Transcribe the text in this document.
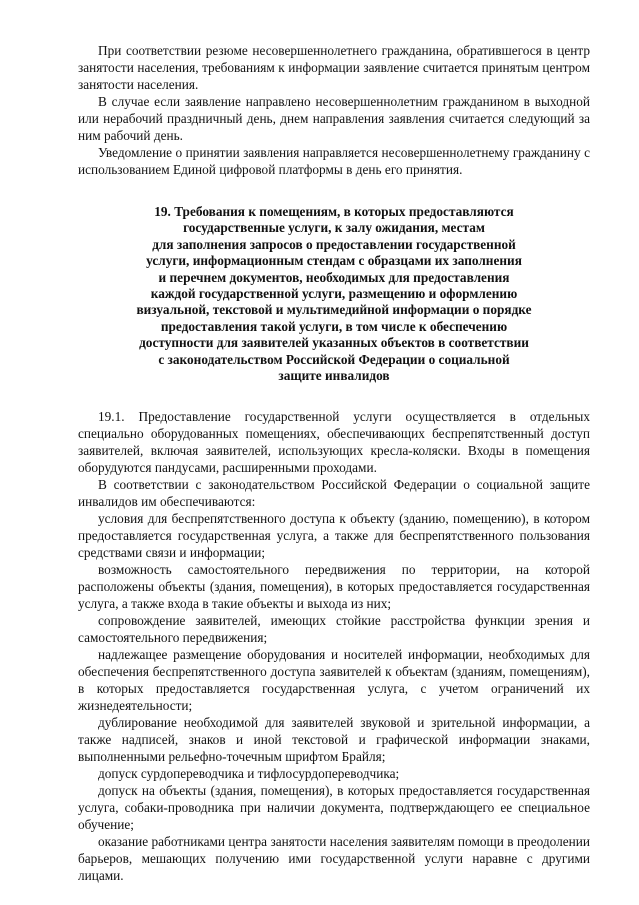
При соответствии резюме несовершеннолетнего гражданина, обратившегося в центр занятости населения, требованиям к информации заявление считается принятым центром занятости населения.

В случае если заявление направлено несовершеннолетним гражданином в выходной или нерабочий праздничный день, днем направления заявления считается следующий за ним рабочий день.

Уведомление о принятии заявления направляется несовершеннолетнему гражданину с использованием Единой цифровой платформы в день его принятия.

19. Требования к помещениям, в которых предоставляются
государственные услуги, к залу ожидания, местам
для заполнения запросов о предоставлении государственной
услуги, информационным стендам с образцами их заполнения
и перечнем документов, необходимых для предоставления
каждой государственной услуги, размещению и оформлению
визуальной, текстовой и мультимедийной информации о порядке
предоставления такой услуги, в том числе к обеспечению
доступности для заявителей указанных объектов в соответствии
с законодательством Российской Федерации о социальной
защите инвалидов

19.1. Предоставление государственной услуги осуществляется в отдельных специально оборудованных помещениях, обеспечивающих беспрепятственный доступ заявителей, включая заявителей, использующих кресла-коляски. Входы в помещения оборудуются пандусами, расширенными проходами.

В соответствии с законодательством Российской Федерации о социальной защите инвалидов им обеспечиваются:

условия для беспрепятственного доступа к объекту (зданию, помещению), в котором предоставляется государственная услуга, а также для беспрепятственного пользования средствами связи и информации;

возможность самостоятельного передвижения по территории, на которой расположены объекты (здания, помещения), в которых предоставляется государственная услуга, а также входа в такие объекты и выхода из них;

сопровождение заявителей, имеющих стойкие расстройства функции зрения и самостоятельного передвижения;

надлежащее размещение оборудования и носителей информации, необходимых для обеспечения беспрепятственного доступа заявителей к объектам (зданиям, помещениям), в которых предоставляется государственная услуга, с учетом ограничений их жизнедеятельности;

дублирование необходимой для заявителей звуковой и зрительной информации, а также надписей, знаков и иной текстовой и графической информации знаками, выполненными рельефно-точечным шрифтом Брайля;

допуск сурдопереводчика и тифлосурдопереводчика;

допуск на объекты (здания, помещения), в которых предоставляется государственная услуга, собаки-проводника при наличии документа, подтверждающего ее специальное обучение;

оказание работниками центра занятости населения заявителям помощи в преодолении барьеров, мешающих получению ими государственной услуги наравне с другими лицами.
